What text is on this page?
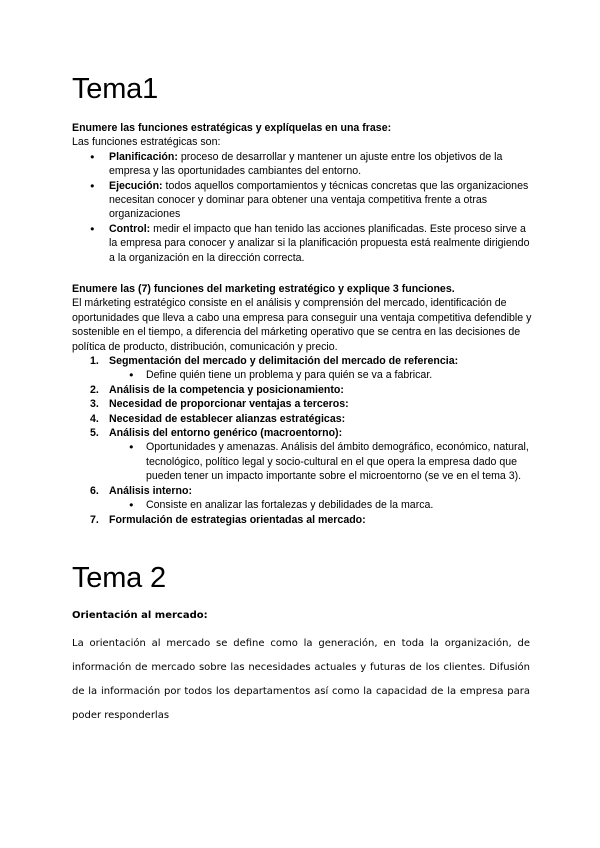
Tema1

Enumere las funciones estratégicas y explíquelas en una frase:

Las funciones estratégicas son:

● Planificación: proceso de desarrollar y mantener un ajuste entre los objetivos de la empresa y las oportunidades cambiantes del entorno.
● Ejecución: todos aquellos comportamientos y técnicas concretas que las organizaciones necesitan conocer y dominar para obtener una ventaja competitiva frente a otras organizaciones
● Control: medir el impacto que han tenido las acciones planificadas. Este proceso sirve a la empresa para conocer y analizar si la planificación propuesta está realmente dirigiendo a la organización en la dirección correcta.

Enumere las (7) funciones del marketing estratégico y explique 3 funciones.

El márketing estratégico consiste en el análisis y comprensión del mercado, identificación de oportunidades que lleva a cabo una empresa para conseguir una ventaja competitiva defendible y sostenible en el tiempo, a diferencia del márketing operativo que se centra en las decisiones de política de producto, distribución, comunicación y precio.

1. Segmentación del mercado y delimitación del mercado de referencia:
● Define quién tiene un problema y para quién se va a fabricar.
2. Análisis de la competencia y posicionamiento:
3. Necesidad de proporcionar ventajas a terceros:
4. Necesidad de establecer alianzas estratégicas:
5. Análisis del entorno genérico (macroentorno):
● Oportunidades y amenazas. Análisis del ámbito demográfico, económico, natural, tecnológico, político legal y socio-cultural en el que opera la empresa dado que pueden tener un impacto importante sobre el microentorno (se ve en el tema 3).
6. Análisis interno:
● Consiste en analizar las fortalezas y debilidades de la marca.
7. Formulación de estrategias orientadas al mercado:
Tema 2

Orientación al mercado:

La orientación al mercado se define como la generación, en toda la organización, de información de mercado sobre las necesidades actuales y futuras de los clientes. Difusión de la información por todos los departamentos así como la capacidad de la empresa para poder responderlas
